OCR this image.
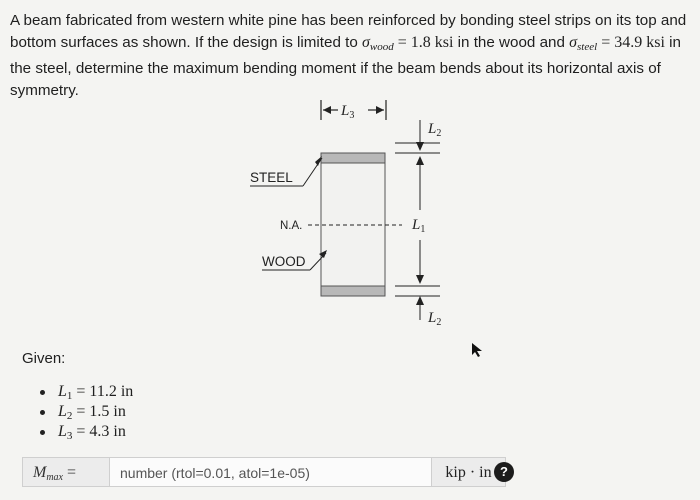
A beam fabricated from western white pine has been reinforced by bonding steel strips on its top and bottom surfaces as shown. If the design is limited to $\sigma_{wood} = 1.8$ ksi in the wood and $\sigma_{steel} = 34.9$ ksi in the steel, determine the maximum bending moment if the beam bends about its horizontal axis of symmetry.
$L_3$
STEEL
N.A.
WOOD
$L_2$
$L_1$
$L_2$
Given:
L1 = 11.2 in
L2 = 1.5 in
L3 = 4.3 in
Mmax =	number (rtol=0.01, atol=1e-05)	kip · in ?
